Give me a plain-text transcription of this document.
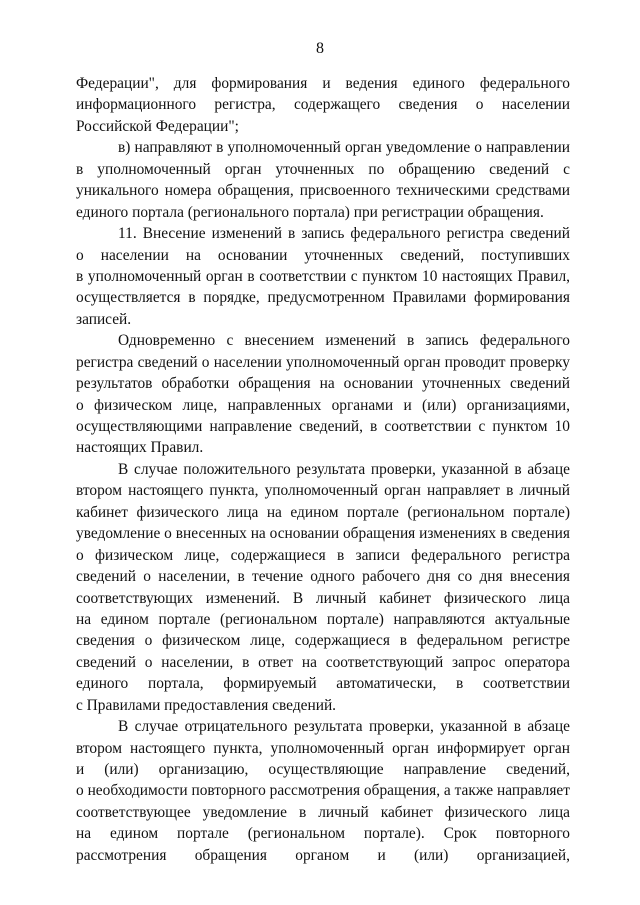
8
Федерации", для формирования и ведения единого федерального
информационного регистра, содержащего сведения о населении
Российской Федерации";
в) направляют в уполномоченный орган уведомление о направлении
в уполномоченный орган уточненных по обращению сведений с
уникального номера обращения, присвоенного техническими средствами
единого портала (регионального портала) при регистрации обращения.
11. Внесение изменений в запись федерального регистра сведений
о населении на основании уточненных сведений, поступивших
в уполномоченный орган в соответствии с пунктом 10 настоящих Правил,
осуществляется в порядке, предусмотренном Правилами формирования
записей.
Одновременно с внесением изменений в запись федерального
регистра сведений о населении уполномоченный орган проводит проверку
результатов обработки обращения на основании уточненных сведений
о физическом лице, направленных органами и (или) организациями,
осуществляющими направление сведений, в соответствии с пунктом 10
настоящих Правил.
В случае положительного результата проверки, указанной в абзаце
втором настоящего пункта, уполномоченный орган направляет в личный
кабинет физического лица на едином портале (региональном портале)
уведомление о внесенных на основании обращения изменениях в сведения
о физическом лице, содержащиеся в записи федерального регистра
сведений о населении, в течение одного рабочего дня со дня внесения
соответствующих изменений. В личный кабинет физического лица
на едином портале (региональном портале) направляются актуальные
сведения о физическом лице, содержащиеся в федеральном регистре
сведений о населении, в ответ на соответствующий запрос оператора
единого портала, формируемый автоматически, в соответствии
с Правилами предоставления сведений.
В случае отрицательного результата проверки, указанной в абзаце
втором настоящего пункта, уполномоченный орган информирует орган
и (или) организацию, осуществляющие направление сведений,
о необходимости повторного рассмотрения обращения, а также направляет
соответствующее уведомление в личный кабинет физического лица
на едином портале (региональном портале). Срок повторного
рассмотрения обращения органом и (или) организацией,
